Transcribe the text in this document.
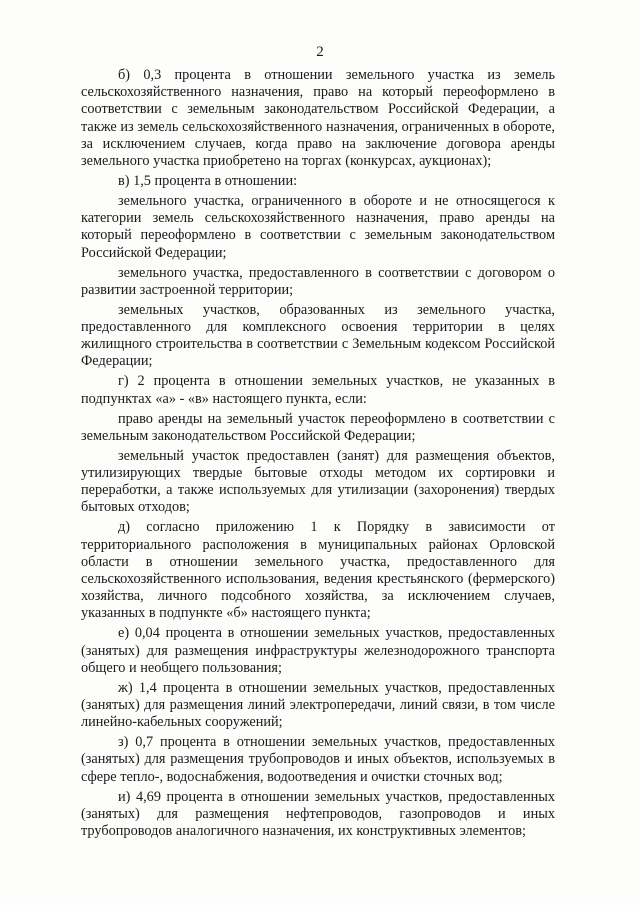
2

б) 0,3 процента в отношении земельного участка из земель сельскохозяйственного назначения, право на который переоформлено в соответствии с земельным законодательством Российской Федерации, а также из земель сельскохозяйственного назначения, ограниченных в обороте, за исключением случаев, когда право на заключение договора аренды земельного участка приобретено на торгах (конкурсах, аукционах);

в) 1,5 процента в отношении:

земельного участка, ограниченного в обороте и не относящегося к категории земель сельскохозяйственного назначения, право аренды на который переоформлено в соответствии с земельным законодательством Российской Федерации;

земельного участка, предоставленного в соответствии с договором о развитии застроенной территории;

земельных участков, образованных из земельного участка, предоставленного для комплексного освоения территории в целях жилищного строительства в соответствии с Земельным кодексом Российской Федерации;

г) 2 процента в отношении земельных участков, не указанных в подпунктах «а» - «в» настоящего пункта, если:

право аренды на земельный участок переоформлено в соответствии с земельным законодательством Российской Федерации;

земельный участок предоставлен (занят) для размещения объектов, утилизирующих твердые бытовые отходы методом их сортировки и переработки, а также используемых для утилизации (захоронения) твердых бытовых отходов;

д) согласно приложению 1 к Порядку в зависимости от территориального расположения в муниципальных районах Орловской области в отношении земельного участка, предоставленного для сельскохозяйственного использования, ведения крестьянского (фермерского) хозяйства, личного подсобного хозяйства, за исключением случаев, указанных в подпункте «б» настоящего пункта;

е) 0,04 процента в отношении земельных участков, предоставленных (занятых) для размещения инфраструктуры железнодорожного транспорта общего и необщего пользования;

ж) 1,4 процента в отношении земельных участков, предоставленных (занятых) для размещения линий электропередачи, линий связи, в том числе линейно-кабельных сооружений;

з) 0,7 процента в отношении земельных участков, предоставленных (занятых) для размещения трубопроводов и иных объектов, используемых в сфере тепло-, водоснабжения, водоотведения и очистки сточных вод;

и) 4,69 процента в отношении земельных участков, предоставленных (занятых) для размещения нефтепроводов, газопроводов и иных трубопроводов аналогичного назначения, их конструктивных элементов;
